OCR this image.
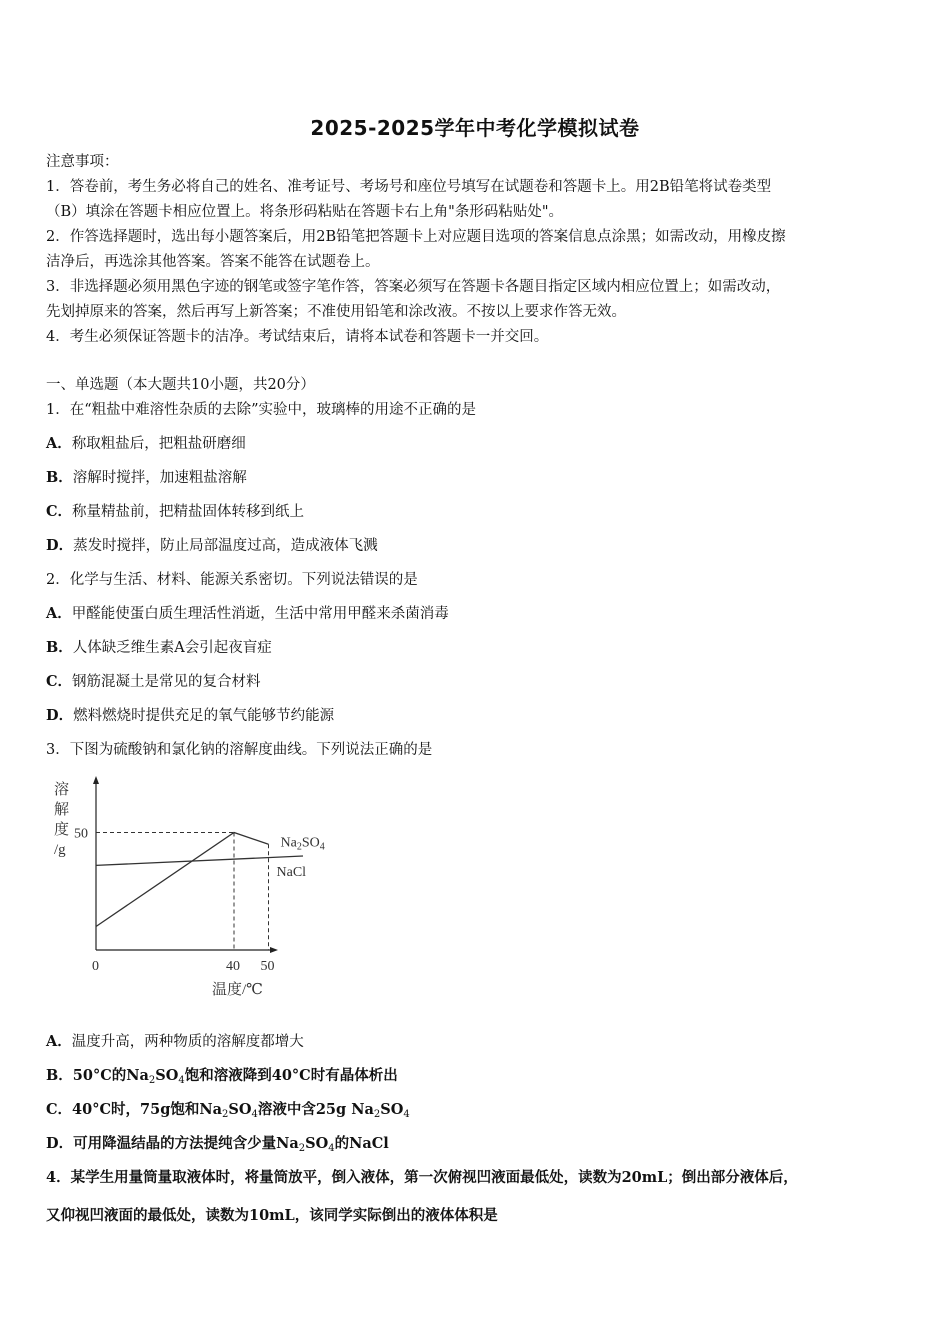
2025-2025学年中考化学模拟试卷
注意事项：
1．答卷前，考生务必将自己的姓名、准考证号、考场号和座位号填写在试题卷和答题卡上。用2B铅笔将试卷类型
（B）填涂在答题卡相应位置上。将条形码粘贴在答题卡右上角"条形码粘贴处"。
2．作答选择题时，选出每小题答案后，用2B铅笔把答题卡上对应题目选项的答案信息点涂黑；如需改动，用橡皮擦
洁净后，再选涂其他答案。答案不能答在试题卷上。
3．非选择题必须用黑色字迹的钢笔或签字笔作答，答案必须写在答题卡各题目指定区域内相应位置上；如需改动，
先划掉原来的答案，然后再写上新答案；不准使用铅笔和涂改液。不按以上要求作答无效。
4．考生必须保证答题卡的洁净。考试结束后，请将本试卷和答题卡一并交回。
一、单选题（本大题共10小题，共20分）
1．在“粗盐中难溶性杂质的去除”实验中，玻璃棒的用途不正确的是
A．称取粗盐后，把粗盐研磨细
B．溶解时搅拌，加速粗盐溶解
C．称量精盐前，把精盐固体转移到纸上
D．蒸发时搅拌，防止局部温度过高，造成液体飞溅
2．化学与生活、材料、能源关系密切。下列说法错误的是
A．甲醛能使蛋白质生理活性消逝，生活中常用甲醛来杀菌消毒
B．人体缺乏维生素A会引起夜盲症
C．钢筋混凝土是常见的复合材料
D．燃料燃烧时提供充足的氧气能够节约能源
3．下图为硫酸钠和氯化钠的溶解度曲线。下列说法正确的是
溶
解
度
/g
温度/℃
0	40 50
50
$Na_2SO_4$
NaCl
A．温度升高，两种物质的溶解度都增大
B．50°C的$Na_2SO_4$饱和溶液降到40°C时有晶体析出
C．40°C时，75g饱和$Na_2SO_4$溶液中含25g $Na_2SO_4$
D．可用降温结晶的方法提纯含少量$Na_2SO_4$的NaCl
4．某学生用量筒量取液体时，将量筒放平，倒入液体，第一次俯视凹液面最低处，读数为20mL；倒出部分液体后，
又仰视凹液面的最低处，读数为10mL，该同学实际倒出的液体体积是
